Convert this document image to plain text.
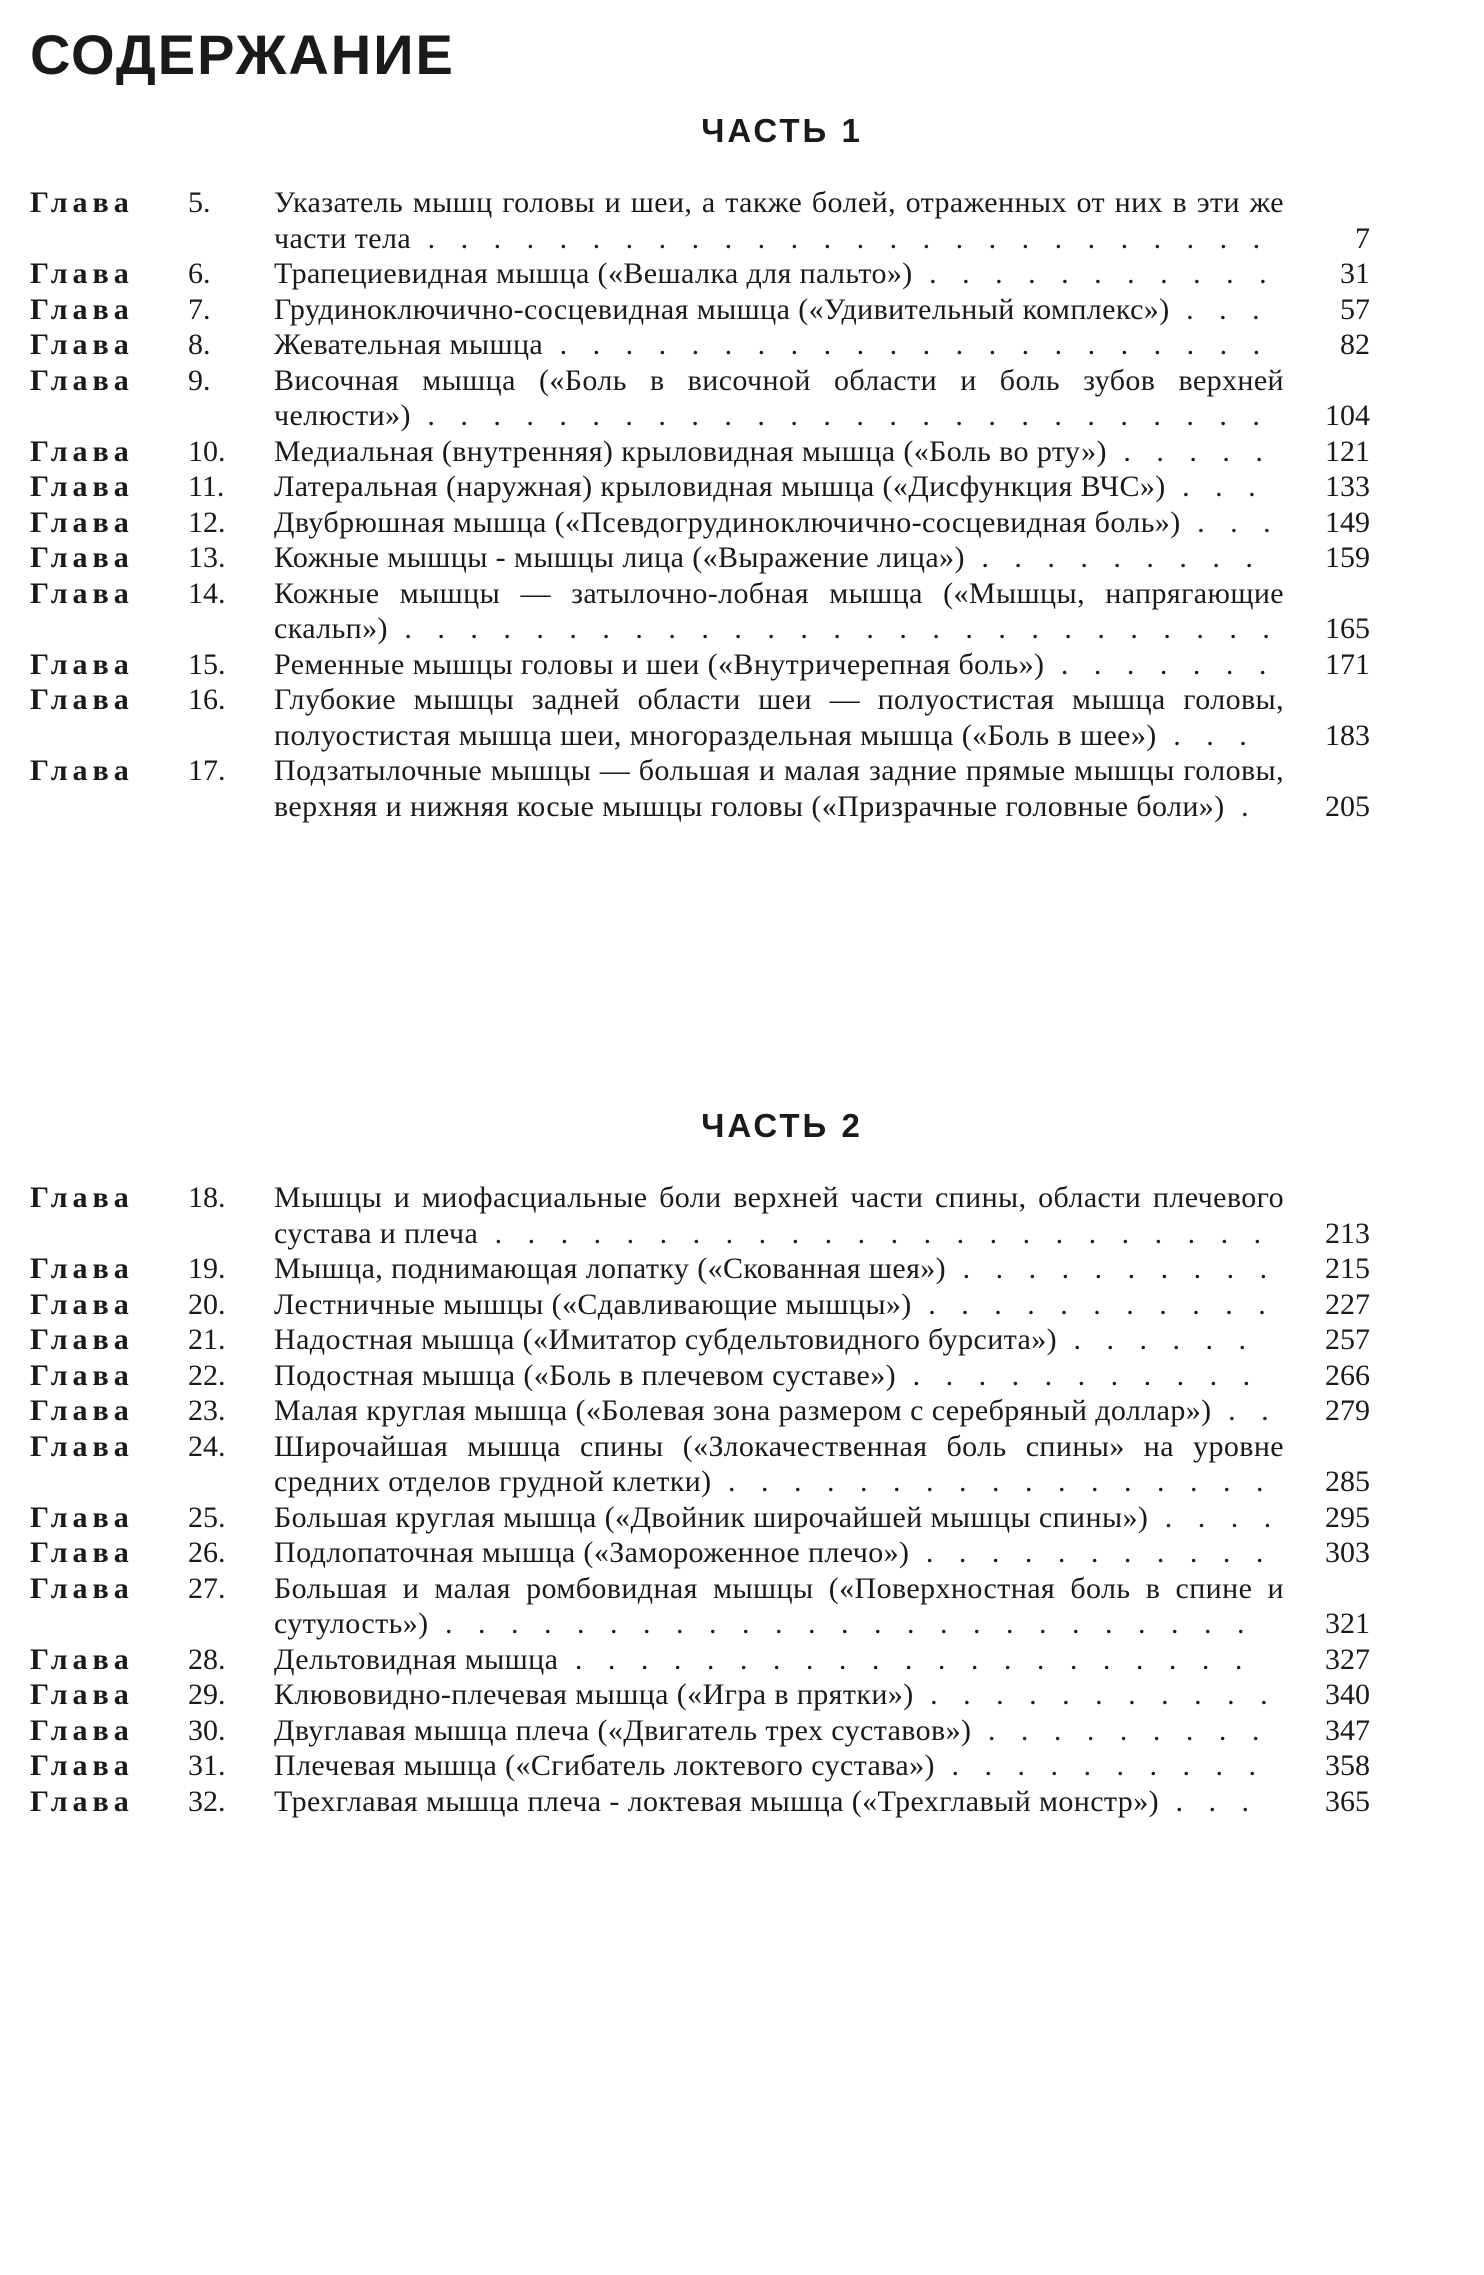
СОДЕРЖАНИЕ
ЧАСТЬ 1
Глава	5. Указатель мышц головы и шеи, а также болей, отраженных от них в эти же части тела . . . . . . . . . . . . . . . . . . . . . . . . . .	7
Глава	6. Трапециевидная мышца («Вешалка для пальто») . . . . . . . . . . .	31
Глава	7. Грудиноключично-сосцевидная мышца («Удивительный комплекс») . . .	57
Глава	8. Жевательная мышца . . . . . . . . . . . . . . . . . . . . . .	82
Глава	9. Височная мышца («Боль в височной области и боль зубов верхней челюсти») . . . . . . . . . . . . . . . . . . . . . . . . . .	104
Глава	10. Медиальная (внутренняя) крыловидная мышца («Боль во рту») . . . . .	121
Глава	11. Латеральная (наружная) крыловидная мышца («Дисфункция ВЧС») . . .	133
Глава	12. Двубрюшная мышца («Псевдогрудиноключично-сосцевидная боль») . . .	149
Глава	13. Кожные мышцы - мышцы лица («Выражение лица») . . . . . . . . .	159
Глава	14. Кожные мышцы — затылочно-лобная мышца («Мышцы, напрягающие скальп») . . . . . . . . . . . . . . . . . . . . . . . . . . .	165
Глава	15. Ременные мышцы головы и шеи («Внутричерепная боль») . . . . . . .	171
Глава	16. Глубокие мышцы задней области шеи — полуостистая мышца головы, полуостистая мышца шеи, многораздельная мышца («Боль в шее») . . .	183
Глава	17. Подзатылочные мышцы — большая и малая задние прямые мышцы головы, верхняя и нижняя косые мышцы головы («Призрачные головные боли») .	205
ЧАСТЬ 2
Глава	18. Мышцы и миофасциальные боли верхней части спины, области плечевого сустава и плеча . . . . . . . . . . . . . . . . . . . . . . . .	213
Глава	19. Мышца, поднимающая лопатку («Скованная шея») . . . . . . . . . .	215
Глава	20. Лестничные мышцы («Сдавливающие мышцы») . . . . . . . . . . .	227
Глава	21. Надостная мышца («Имитатор субдельтовидного бурсита») . . . . . .	257
Глава	22. Подостная мышца («Боль в плечевом суставе») . . . . . . . . . . .	266
Глава	23. Малая круглая мышца («Болевая зона размером с серебряный доллар») . .	279
Глава	24. Широчайшая мышца спины («Злокачественная боль спины» на уровне средних отделов грудной клетки) . . . . . . . . . . . . . . . . .	285
Глава	25. Большая круглая мышца («Двойник широчайшей мышцы спины») . . . .	295
Глава	26. Подлопаточная мышца («Замороженное плечо») . . . . . . . . . . .	303
Глава	27. Большая и малая ромбовидная мышцы («Поверхностная боль в спине и сутулость») . . . . . . . . . . . . . . . . . . . . . . . . .	321
Глава	28. Дельтовидная мышца . . . . . . . . . . . . . . . . . . . . .	327
Глава	29. Клювовидно-плечевая мышца («Игра в прятки») . . . . . . . . . . .	340
Глава	30. Двуглавая мышца плеча («Двигатель трех суставов») . . . . . . . . .	347
Глава	31. Плечевая мышца («Сгибатель локтевого сустава») . . . . . . . . . .	358
Глава	32. Трехглавая мышца плеча - локтевая мышца («Трехглавый монстр») . . .	365
